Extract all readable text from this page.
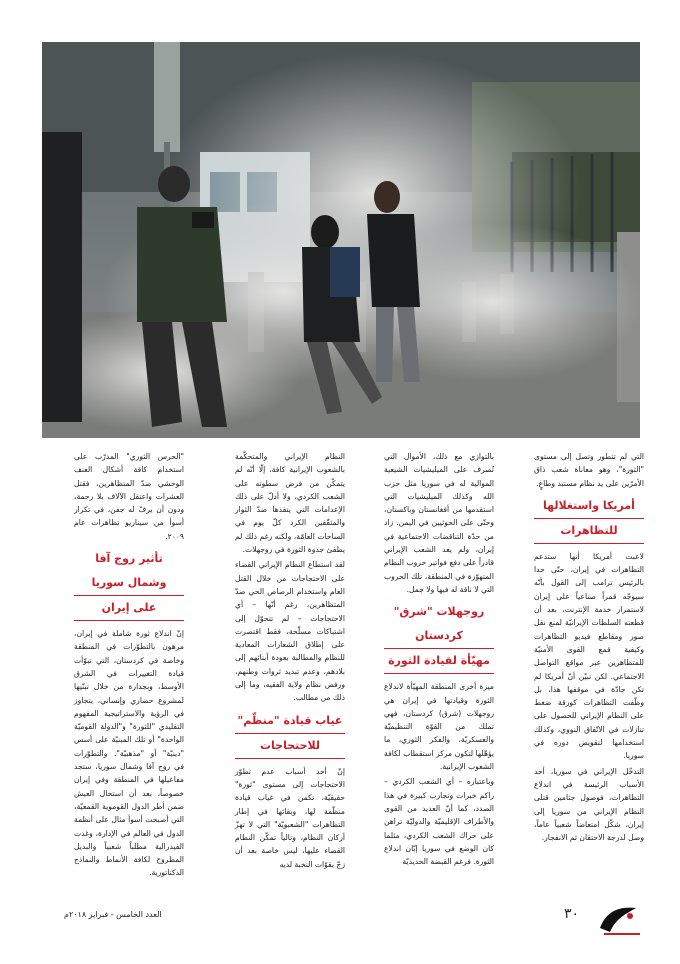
التي لم تتطور وتصل إلى مستوى "الثورة"، وهو معاناة شعب ذاق الأمرّين على يد نظام مستبد وطاغٍ.

أمريكا واستغلالها
للتظاهرات

لاعبت أمريكا أنها ستدعم التظاهرات في إيران، حتّى حدا بالرئيس ترامب إلى القول بأنّه سيوجّه قمراً صناعياً على إيران لاستمرار خدمة الإنترنت، بعد أن قطعته السلطات الإيرانيّة لمنع نقل صور ومقاطع فيديو التظاهرات وكيفية قمع القوى الأمنيّة للمتظاهرين عبر مواقع التواصل الاجتماعي. لكن تبيّن أنّ أمريكا لم تكن جادّة في موقفها هذا، بل وظّفت التظاهرات كورقة ضغط على النظام الإيراني للحصول على تنازلات في الاتّفاق النووي، وكذلك استخدامها لتقويض دوره في سوريا.

التدخّل الإيراني في سوريا، أحد الأسباب الرئيسة في اندلاع التظاهرات، فوصول جثامين قتلى النظام الإيراني من سوريا إلى إيران، شكّل امتعاضاً شعبياً عاماً، وصل لدرجة الاحتقان ثم الانفجار.

بالتوازي مع ذلك، الأموال التي تُصرف على الميليشيات الشيعية الموالية له في سوريا مثل حزب الله وكذلك الميليشيات التي استقدمها من أفغانستان وباكستان، وحتّى على الحوثيين في اليمن. زاد من حدّة التناقضات الاجتماعية في إيران، ولم يعد الشعب الإيراني قادراً على دفع فواتير حروب النظام المتهوّرة في المنطقة، تلك الحروب التي لا ناقة له فيها ولا جمل.

روجهلات "شرق" كردستان
مهيّأة لقيادة الثورة

ميزة أخرى المنطقة المهيّأة لاندلاع الثورة وقيادتها في إيران هي روجهلات (شرق) كردستان، فهي تملك من القوّة التنظيميّة والعسكريّة، والفكر الثوري، ما يؤهّلها لتكون مركز استقطاب لكافة الشعوب الإيرانية.

وباعتباره – أي الشعب الكردي – راكم خبرات وتجارب كبيرة في هذا الصدد، كما أنّ العديد من القوى والأطراف الإقليميّة والدوليّة تراهن على حراك الشعب الكردي، مثلما كان الوضع في سوريا إبّان اندلاع الثورة. فرغم القبضة الحديديّة

النظام الإيراني والمتحكّمة بالشعوب الإيرانية كافة، إلّا أنّه لم يتمكّن من فرض سطوته على الشعب الكردي، ولا أدلّ على ذلك الإعدامات التي ينفذها ضدّ الثوار والمثقّفين الكرد كلّ يوم في الساحات العامّة، ولكنه رغم ذلك لم يطفئ جذوة الثورة في روجهلات.

لقد استطاع النظام الإيراني القضاء على الاحتجاجات من خلال القتل العام واستخدام الرصاص الحي ضدّ المتظاهرين، رغم أنّها – أي الاحتجاجات – لم تتحوّل إلى اشتباكات مسلّحة، فقط اقتصرت على إطلاق الشعارات المعادية للنظام والمطالبة بعودة أبنائهم إلى بلادهم، وعدم تبديد ثروات وطنهم، ورفض نظام ولاية الفقيه، وما إلى ذلك من مطالب.

غياب قيادة "منظّم"
للاحتجاجات

إنّ أحد أسباب عدم تطوّر الاحتجاجات إلى مستوى "ثورة" حقيقيّة، تكمن في غياب قيادة منظّمة لها، وبقائها في إطار التظاهرات "الشعبويّة" التي لا تهزّ أركان النظام، وتالياً تمكّن النظام القضاء عليها، ليس خاصة بعد أن زجّ بقوّات النخبة لديه

"الحرس الثوري" المدرّب على استخدام كافة أشكال العنف الوحشي ضدّ المتظاهرين، فقتل العشرات واعتقل الآلاف بلا رحمة، ودون أن يرفّ له جفن، في تكرار أسوأ من سيناريو تظاهرات عام ٢٠٠٩.

تأثير روج آفا وشمال سوريا
على إيران

إنّ اندلاع ثورة شاملة في إيران، مرهون بالتطوّرات في المنطقة وخاصة في كردستان، التي تبوّأت قيادة التغييرات في الشرق الأوسط، وبجدارة من خلال تبنّيها لمشروع حضاري وإنساني، يتجاوز في الرؤية والاستراتيجية المفهوم التقليدي "للثورة" و"الدولة القوميّة الواحدة" أو تلك المبنيّة على أسس "دينيّة" أو "مذهبيّة". والتطوّرات في روج آفا وشمال سوريا، ستجد مفاعيلها في المنطقة وفي إيران خصوصاً، بعد أن استحال العيش ضمن أطر الدول القوموية القمعيّة، التي أصبحت أسوأ مثال على أنظمة الدول في العالم في الإدارة، وغدت الفيدرالية مطلباً شعبياً والبديل المطروح لكافة الأنماط والنماذج الدكتاتورية.

العدد الخامس - فبراير ٢٠١٨م	٣٠
